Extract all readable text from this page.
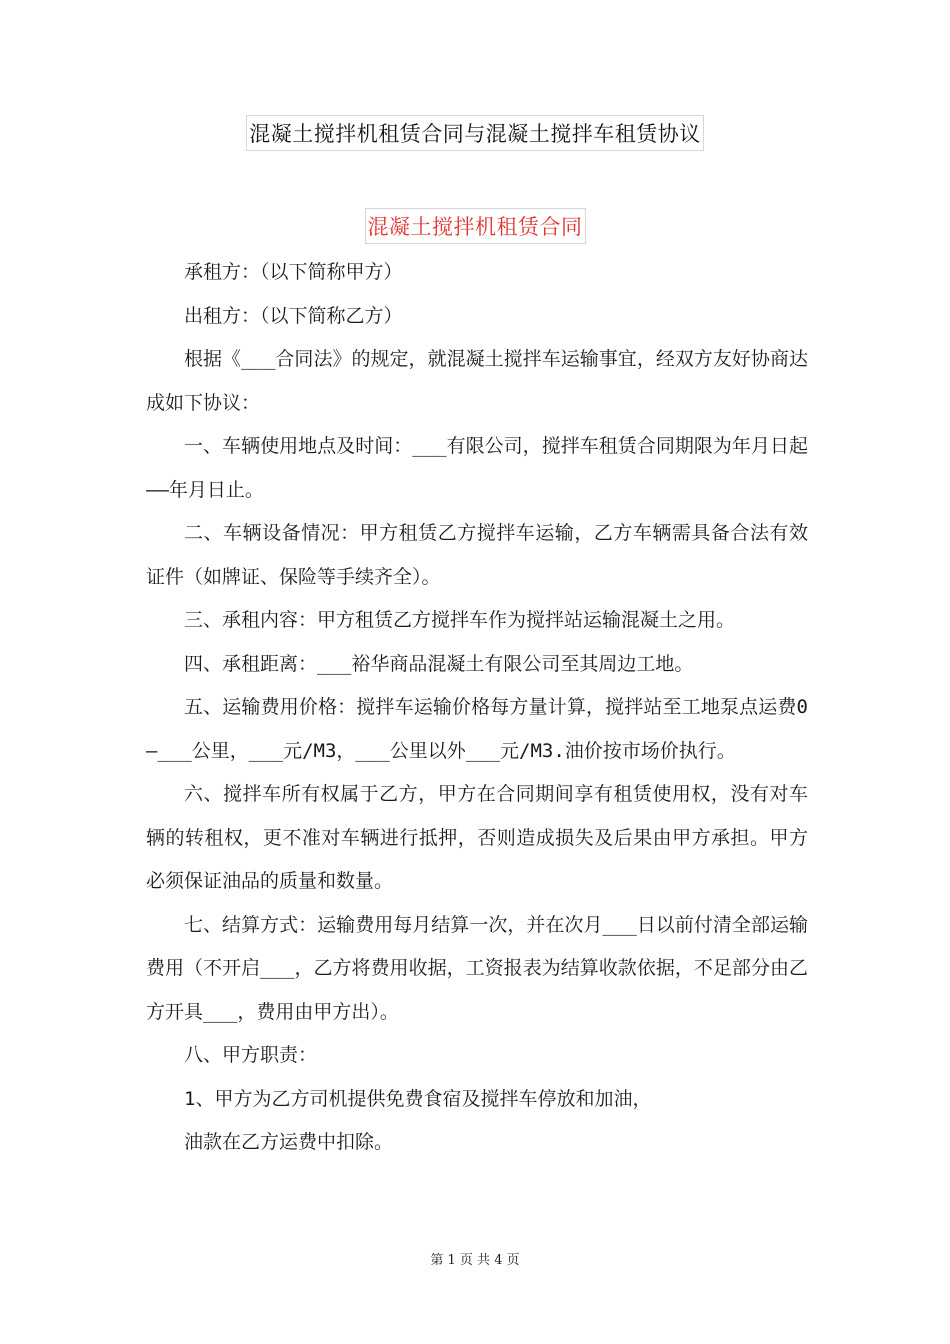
混凝土搅拌机租赁合同与混凝土搅拌车租赁协议
混凝土搅拌机租赁合同

承租方：（以下简称甲方）

出租方：（以下简称乙方）

根据《___合同法》的规定，就混凝土搅拌车运输事宜，经双方友好协商达成如下协议：

一、车辆使用地点及时间：___有限公司，搅拌车租赁合同期限为年月日起——年月日止。

二、车辆设备情况：甲方租赁乙方搅拌车运输，乙方车辆需具备合法有效证件（如牌证、保险等手续齐全）。

三、承租内容：甲方租赁乙方搅拌车作为搅拌站运输混凝土之用。

四、承租距离：___裕华商品混凝土有限公司至其周边工地。

五、运输费用价格：搅拌车运输价格每方量计算，搅拌站至工地泵点运费0—___公里，___元/M3，___公里以外___元/M3.油价按市场价执行。

六、搅拌车所有权属于乙方，甲方在合同期间享有租赁使用权，没有对车辆的转租权，更不准对车辆进行抵押，否则造成损失及后果由甲方承担。甲方必须保证油品的质量和数量。

七、结算方式：运输费用每月结算一次，并在次月___日以前付清全部运输费用（不开启___，乙方将费用收据，工资报表为结算收款依据，不足部分由乙方开具___，费用由甲方出）。

八、甲方职责：

1、甲方为乙方司机提供免费食宿及搅拌车停放和加油，

油款在乙方运费中扣除。

第 1 页 共 4 页
